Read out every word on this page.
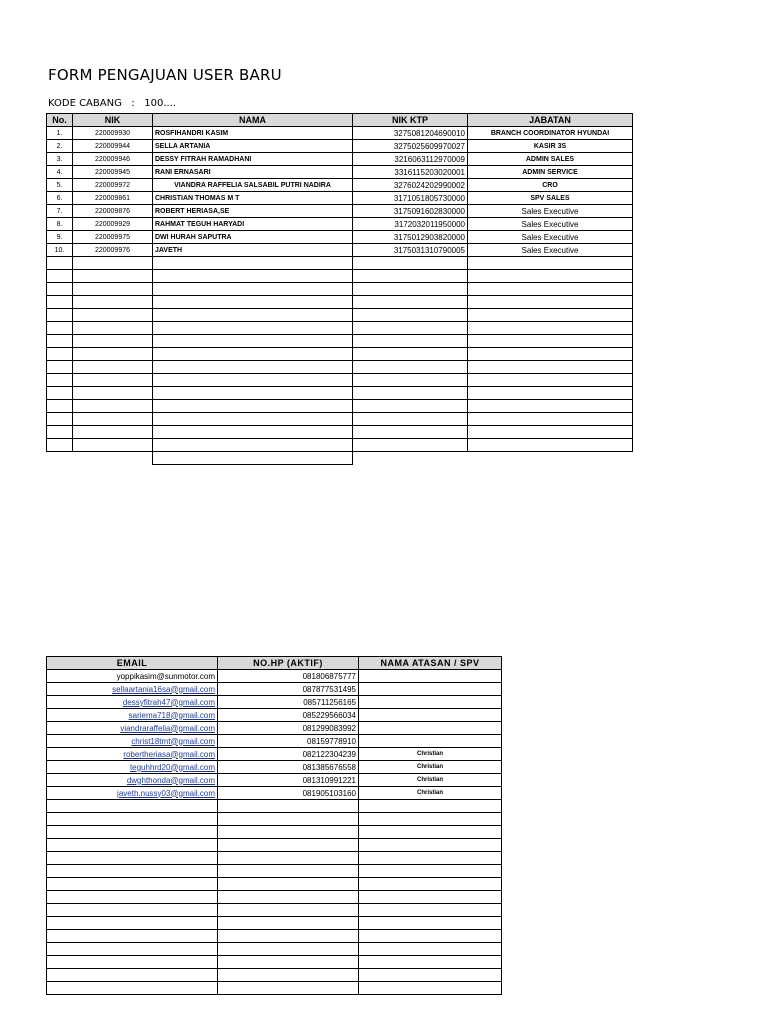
FORM PENGAJUAN USER BARU
KODE CABANG   :   100....
No.	NIK	NAMA	NIK KTP	JABATAN
1.	220009930	ROSFIHANDRI KASIM	3275081204690010	BRANCH COORDINATOR HYUNDAI
2.	220009944	SELLA ARTANIA	3275025609970027	KASIR 3S
3.	220009946	DESSY FITRAH RAMADHANI	3216063112970009	ADMIN SALES
4.	220009945	RANI ERNASARI	3316115203020001	ADMIN SERVICE
5.	220009972	VIANDRA RAFFELIA SALSABIL PUTRI NADIRA	3276024202990002	CRO
6.	220009861	CHRISTIAN THOMAS M T	3171051805730000	SPV SALES
7.	220009876	ROBERT HERIASA,SE	3175091602830000	Sales Executive
8.	220009929	RAHMAT TEGUH HARYADI	3172032011950000	Sales Executive
9.	220009975	DWI HURAH SAPUTRA	3175012903820000	Sales Executive
10.	220009976	JAVETH	3175031310790005	Sales Executive

EMAIL	NO.HP (AKTIF)	NAMA ATASAN / SPV
yoppikasim@sunmotor.com	081806875777	
sellaartania16sa@gmail.com	087877531495	
dessyfitrah47@gmail.com	085711256165	
sariema718@gmail.com	085229566034	
viandraraffelia@gmail.com	081299083992	
christ18tmt@gmail.com	08159778910	
robertheriasa@gmail.com	082122304239	Christian
teguhhrd20@gmail.com	081385676558	Christian
dwghthonda@gmail.com	081310991221	Christian
javeth.nussy03@gmail.com	081905103160	Christian
